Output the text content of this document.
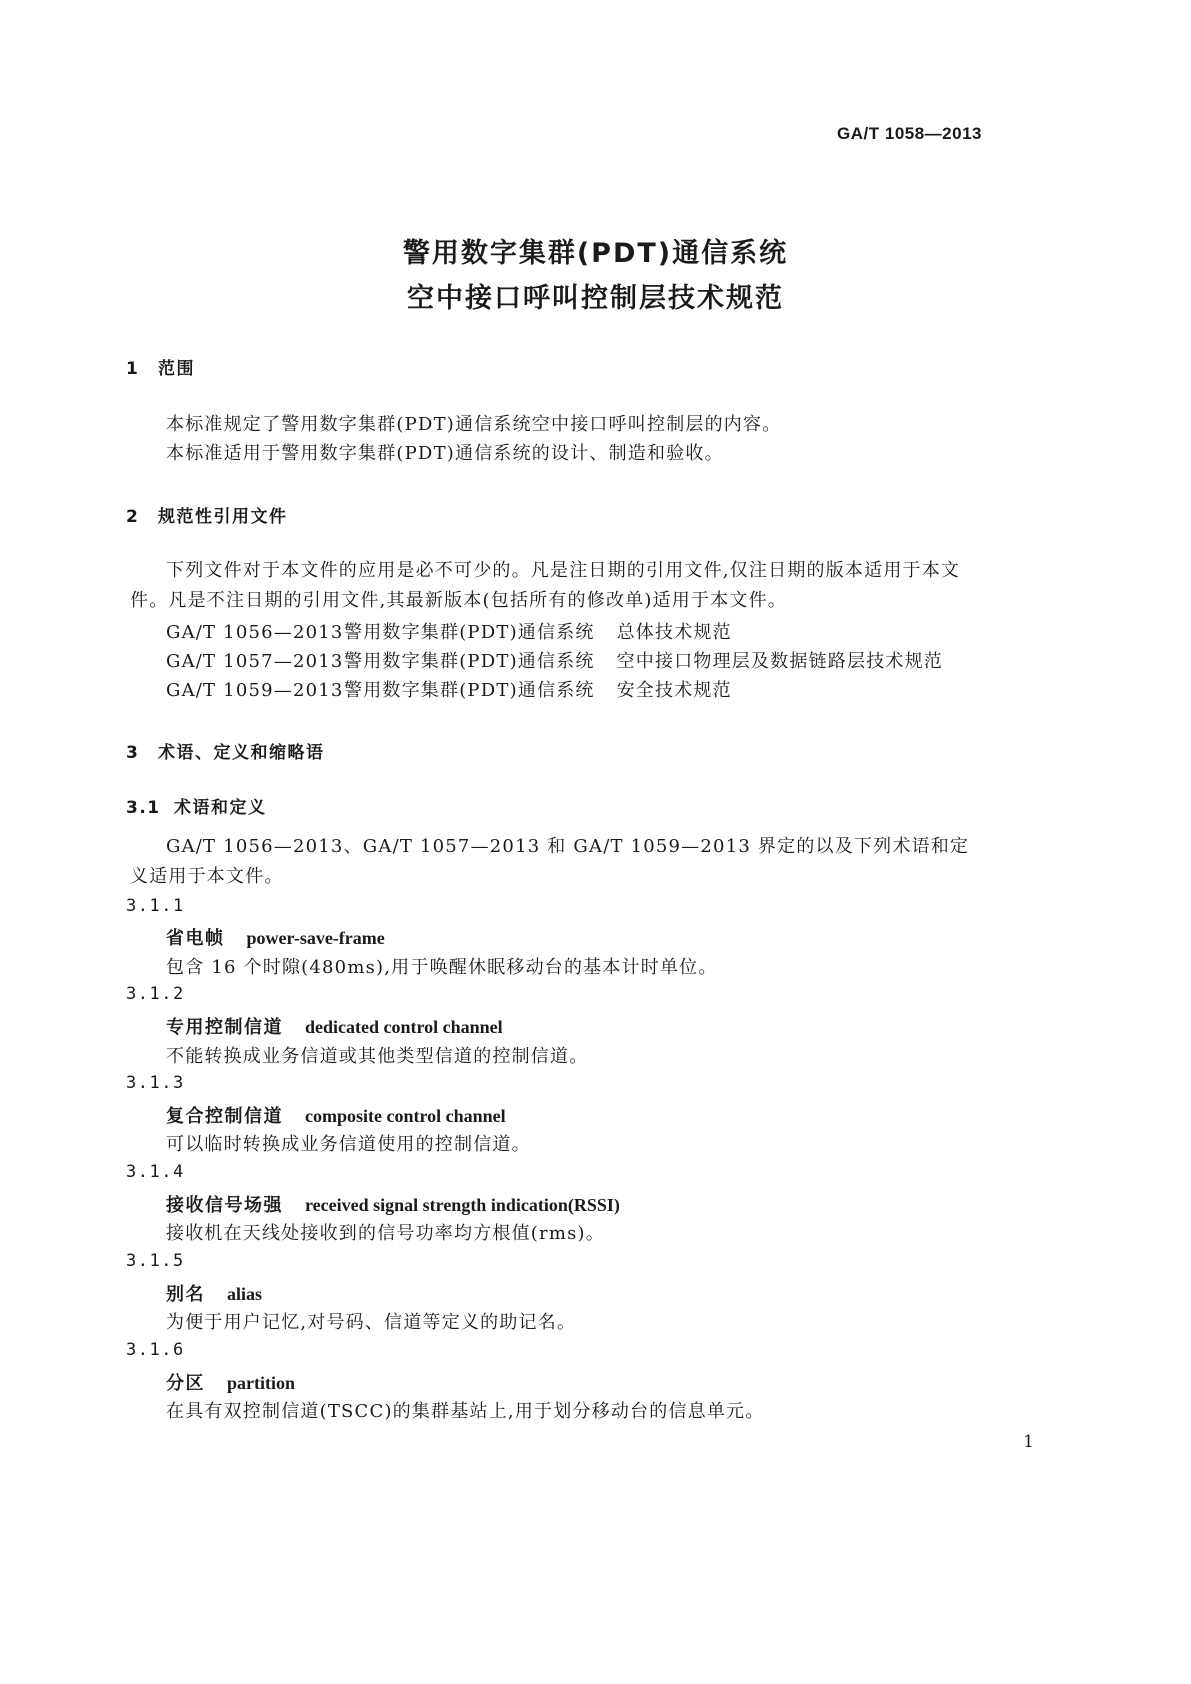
GA/T 1058—2013
警用数字集群(PDT)通信系统
空中接口呼叫控制层技术规范
1 范围
本标准规定了警用数字集群(PDT)通信系统空中接口呼叫控制层的内容。
本标准适用于警用数字集群(PDT)通信系统的设计、制造和验收。
2 规范性引用文件
下列文件对于本文件的应用是必不可少的。凡是注日期的引用文件,仅注日期的版本适用于本文件。凡是不注日期的引用文件,其最新版本(包括所有的修改单)适用于本文件。
GA/T 1056—2013警用数字集群(PDT)通信系统 总体技术规范
GA/T 1057—2013警用数字集群(PDT)通信系统 空中接口物理层及数据链路层技术规范
GA/T 1059—2013警用数字集群(PDT)通信系统 安全技术规范
3 术语、定义和缩略语
3.1 术语和定义
GA/T 1056—2013、GA/T 1057—2013 和 GA/T 1059—2013 界定的以及下列术语和定义适用于本文件。
3.1.1
省电帧 power-save-frame
包含 16 个时隙(480ms),用于唤醒休眠移动台的基本计时单位。
3.1.2
专用控制信道 dedicated control channel
不能转换成业务信道或其他类型信道的控制信道。
3.1.3
复合控制信道 composite control channel
可以临时转换成业务信道使用的控制信道。
3.1.4
接收信号场强 received signal strength indication(RSSI)
接收机在天线处接收到的信号功率均方根值(rms)。
3.1.5
别名 alias
为便于用户记忆,对号码、信道等定义的助记名。
3.1.6
分区 partition
在具有双控制信道(TSCC)的集群基站上,用于划分移动台的信息单元。
1
